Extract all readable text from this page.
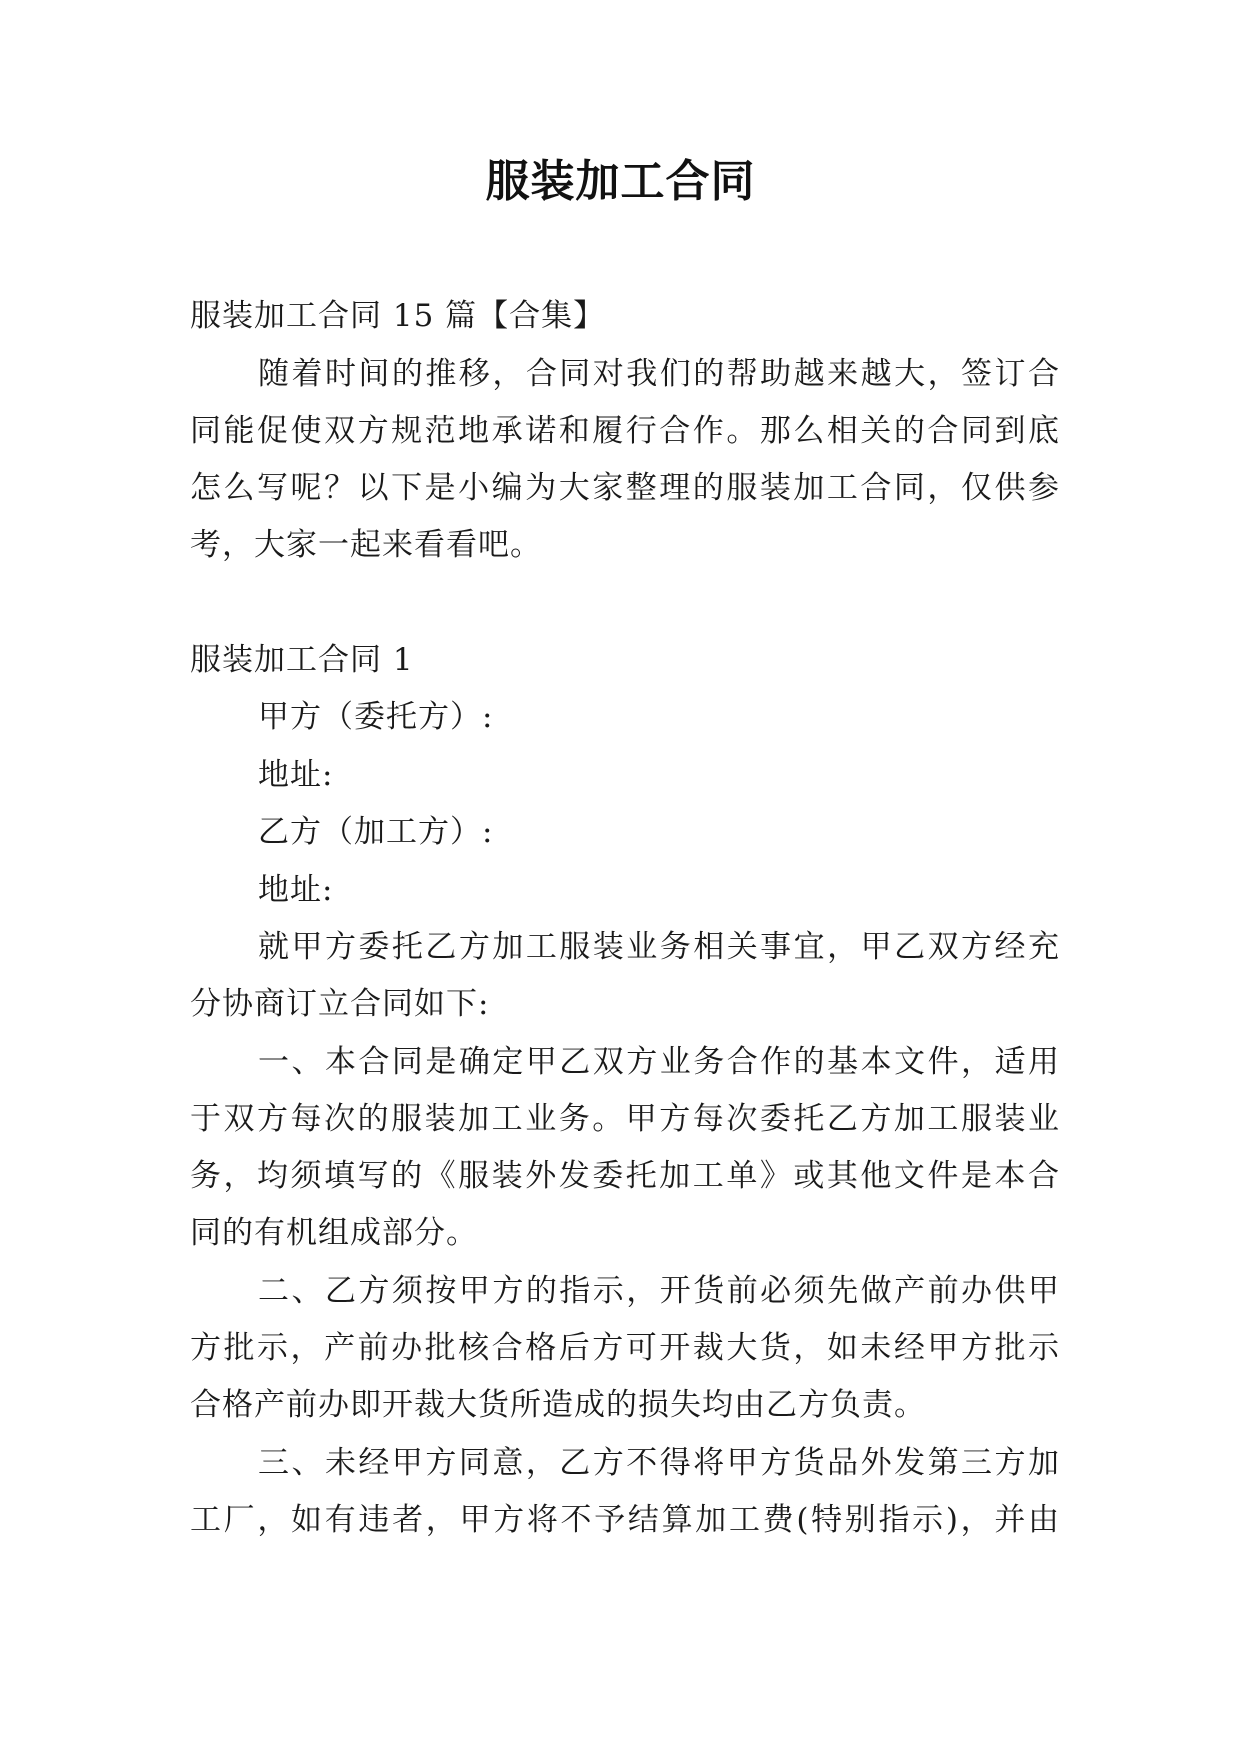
服装加工合同
服装加工合同 15 篇【合集】
随着时间的推移，合同对我们的帮助越来越大，签订合
同能促使双方规范地承诺和履行合作。那么相关的合同到底
怎么写呢？以下是小编为大家整理的服装加工合同，仅供参
考，大家一起来看看吧。
服装加工合同 1
甲方（委托方）:
地址:
乙方（加工方）:
地址:
就甲方委托乙方加工服装业务相关事宜，甲乙双方经充
分协商订立合同如下:
一、本合同是确定甲乙双方业务合作的基本文件，适用
于双方每次的服装加工业务。甲方每次委托乙方加工服装业
务，均须填写的《服装外发委托加工单》或其他文件是本合
同的有机组成部分。
二、乙方须按甲方的指示，开货前必须先做产前办供甲
方批示，产前办批核合格后方可开裁大货，如未经甲方批示
合格产前办即开裁大货所造成的损失均由乙方负责。
三、未经甲方同意，乙方不得将甲方货品外发第三方加
工厂，如有违者，甲方将不予结算加工费(特别指示)，并由
